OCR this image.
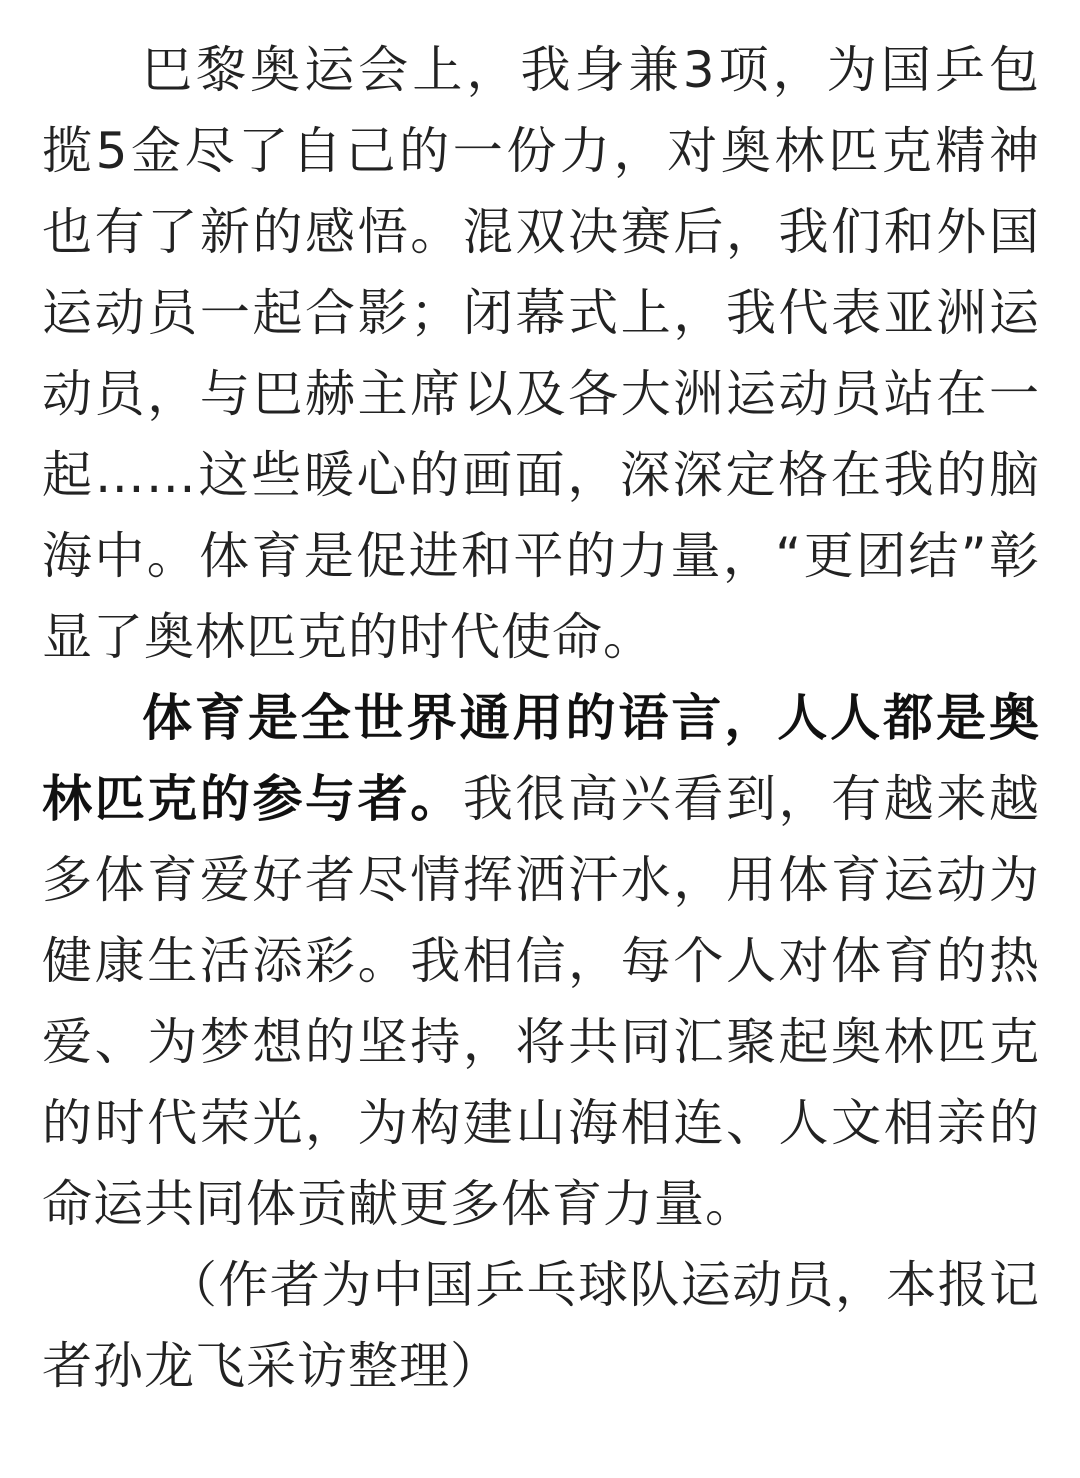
巴黎奥运会上，我身兼3项，为国乒包揽5金尽了自己的一份力，对奥林匹克精神也有了新的感悟。混双决赛后，我们和外国运动员一起合影；闭幕式上，我代表亚洲运动员，与巴赫主席以及各大洲运动员站在一起……这些暖心的画面，深深定格在我的脑海中。体育是促进和平的力量，“更团结”彰显了奥林匹克的时代使命。

体育是全世界通用的语言，人人都是奥林匹克的参与者。我很高兴看到，有越来越多体育爱好者尽情挥洒汗水，用体育运动为健康生活添彩。我相信，每个人对体育的热爱、为梦想的坚持，将共同汇聚起奥林匹克的时代荣光，为构建山海相连、人文相亲的命运共同体贡献更多体育力量。

（作者为中国乒乓球队运动员，本报记者孙龙飞采访整理）
